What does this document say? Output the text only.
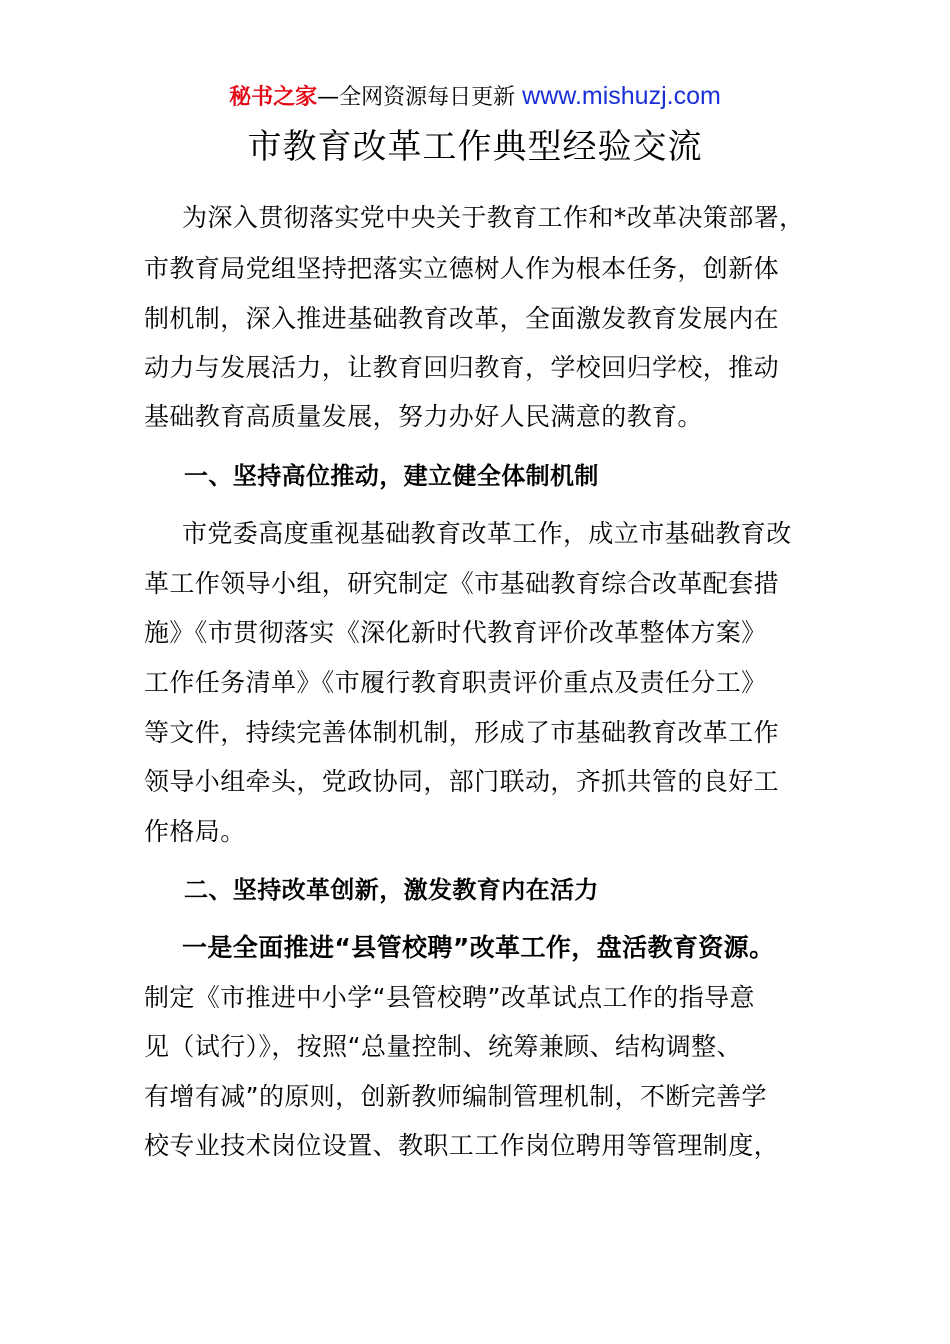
秘书之家—全网资源每日更新 www.mishuzj.com
市教育改革工作典型经验交流
为深入贯彻落实党中央关于教育工作和*改革决策部署，
市教育局党组坚持把落实立德树人作为根本任务，创新体
制机制，深入推进基础教育改革，全面激发教育发展内在
动力与发展活力，让教育回归教育，学校回归学校，推动
基础教育高质量发展，努力办好人民满意的教育。
一、坚持高位推动，建立健全体制机制
市党委高度重视基础教育改革工作，成立市基础教育改
革工作领导小组，研究制定《市基础教育综合改革配套措
施》《市贯彻落实《深化新时代教育评价改革整体方案》
工作任务清单》《市履行教育职责评价重点及责任分工》
等文件，持续完善体制机制，形成了市基础教育改革工作
领导小组牵头，党政协同，部门联动，齐抓共管的良好工
作格局。
二、坚持改革创新，激发教育内在活力
一是全面推进“县管校聘”改革工作，盘活教育资源。
制定《市推进中小学“县管校聘”改革试点工作的指导意
见（试行）》，按照“总量控制、统筹兼顾、结构调整、
有增有减”的原则，创新教师编制管理机制，不断完善学
校专业技术岗位设置、教职工工作岗位聘用等管理制度，
